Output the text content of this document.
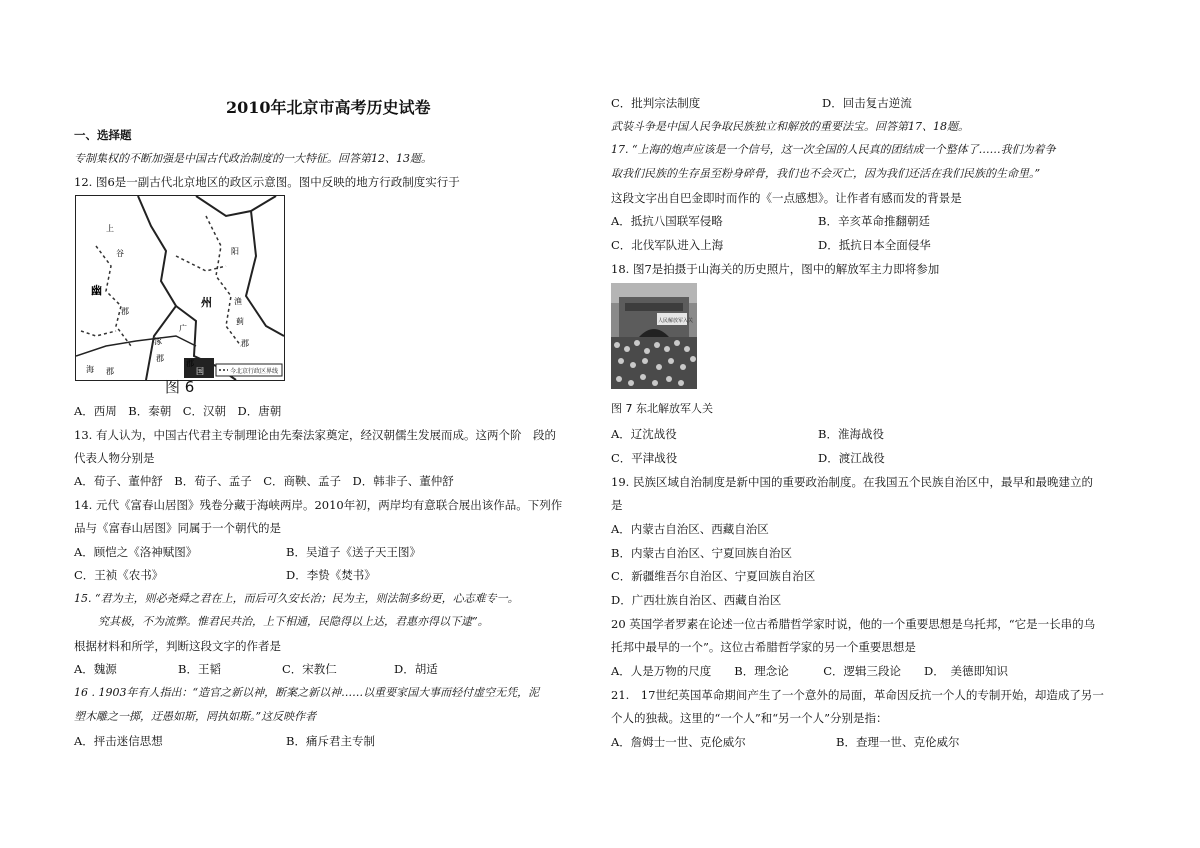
2010年北京市高考历史试卷
一、选择题
专制集权的不断加强是中国古代政治制度的一大特征。回答第12、13题。
12. 图6是一副古代北京地区的政区示意图。图中反映的地方行政制度实行于
今北京行政区界线
上
谷
幽
州
阳
广
渔
涿
蓟
郡
郡
郡
郡
国
海 郡
图 6
A．西周　B．秦朝　C．汉朝　D．唐朝
13. 有人认为，中国古代君主专制理论由先秦法家奠定，经汉朝儒生发展而成。这两个阶　段的
代表人物分别是
A．荀子、董仲舒　B．荀子、孟子　C．商鞅、孟子　D．韩非子、董仲舒
14. 元代《富春山居图》残卷分藏于海峡两岸。2010年初，两岸均有意联合展出该作品。下列作
品与《富春山居图》同属于一个朝代的是
A．顾恺之《洛神赋图》	B．吴道子《送子天王图》
C．王祯《农书》	D．李贽《焚书》
15. “君为主，则必尧舜之君在上，而后可久安长治；民为主，则法制多纷更，心志难专一。
究其极，不为流弊。惟君民共治，上下相通，民隐得以上达，君惠亦得以下逮”。
根据材料和所学，判断这段文字的作者是
A．魏源	B．王韬	C．宋教仁	D．胡适
16 . 1903年有人指出：“造官之新以神，断案之新以神……以重要家国大事而轻付虚空无凭，泥
塑木雕之一掷，迂愚如斯，罔执如斯。”这反映作者
A．抨击迷信思想	B．痛斥君主专制
C．批判宗法制度	D．回击复古逆流
武装斗争是中国人民争取民族独立和解放的重要法宝。回答第17、18题。
17. “上海的炮声应该是一个信号，这一次全国的人民真的团结成一个整体了……我们为着争
取我们民族的生存虽至粉身碎骨，我们也不会灭亡，因为我们还活在我们民族的生命里。”
这段文字出自巴金即时而作的《一点感想》。让作者有感而发的背景是
A．抵抗八国联军侵略	B．辛亥革命推翻朝廷
C．北伐军队进入上海	D．抵抗日本全面侵华
18. 图7是拍摄于山海关的历史照片，图中的解放军主力即将参加
人民解放军入关
图 7 东北解放军人关
A．辽沈战役	B．淮海战役
C．平津战役	D．渡江战役
19. 民族区域自治制度是新中国的重要政治制度。在我国五个民族自治区中，最早和最晚建立的
是
A．内蒙古自治区、西藏自治区
B．内蒙古自治区、宁夏回族自治区
C．新疆维吾尔自治区、宁夏回族自治区
D．广西壮族自治区、西藏自治区
20 英国学者罗素在论述一位古希腊哲学家时说，他的一个重要思想是乌托邦，“它是一长串的乌
托邦中最早的一个”。这位古希腊哲学家的另一个重要思想是
A．人是万物的尺度　　B．理念论　　　C．逻辑三段论　　D．　美德即知识
21.　17世纪英国革命期间产生了一个意外的局面，革命因反抗一个人的专制开始，却造成了另一
个人的独裁。这里的“一个人”和“另一个人”分别是指：
A．詹姆士一世、克伦威尔	B．查理一世、克伦威尔
